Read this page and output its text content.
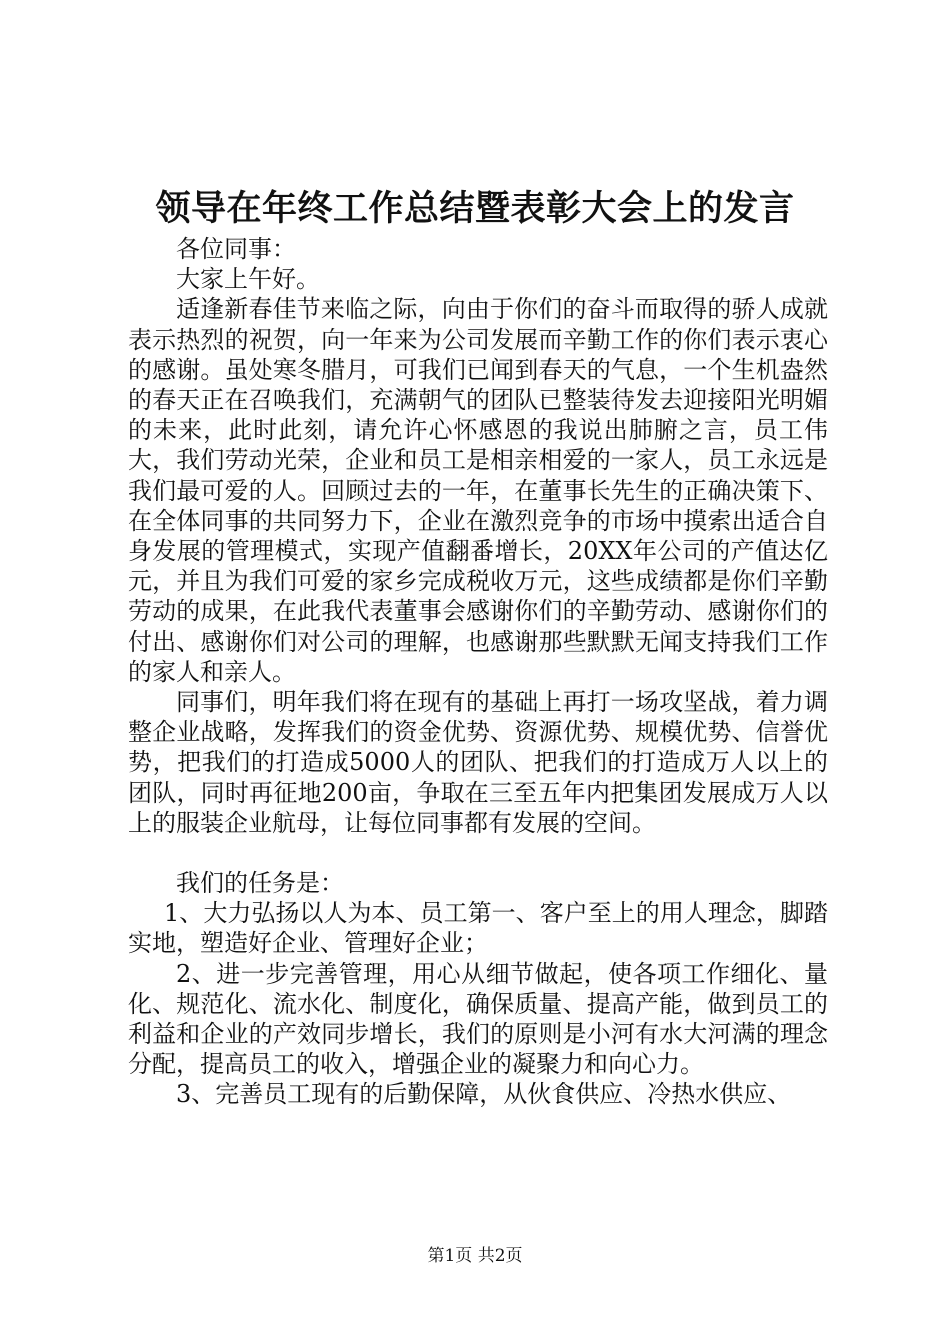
领导在年终工作总结暨表彰大会上的发言

各位同事：

大家上午好。

适逢新春佳节来临之际，向由于你们的奋斗而取得的骄人成就表示热烈的祝贺，向一年来为公司发展而辛勤工作的你们表示衷心的感谢。虽处寒冬腊月，可我们已闻到春天的气息，一个生机盎然的春天正在召唤我们，充满朝气的团队已整装待发去迎接阳光明媚的未来，此时此刻，请允许心怀感恩的我说出肺腑之言，员工伟大，我们劳动光荣，企业和员工是相亲相爱的一家人，员工永远是我们最可爱的人。回顾过去的一年，在董事长先生的正确决策下、在全体同事的共同努力下，企业在激烈竞争的市场中摸索出适合自身发展的管理模式，实现产值翻番增长，20XX年公司的产值达亿元，并且为我们可爱的家乡完成税收万元，这些成绩都是你们辛勤劳动的成果，在此我代表董事会感谢你们的辛勤劳动、感谢你们的付出、感谢你们对公司的理解，也感谢那些默默无闻支持我们工作的家人和亲人。

同事们，明年我们将在现有的基础上再打一场攻坚战，着力调整企业战略，发挥我们的资金优势、资源优势、规模优势、信誉优势，把我们的打造成5000人的团队、把我们的打造成万人以上的团队，同时再征地200亩，争取在三至五年内把集团发展成万人以上的服装企业航母，让每位同事都有发展的空间。

我们的任务是：

1、大力弘扬以人为本、员工第一、客户至上的用人理念，脚踏实地，塑造好企业、管理好企业；

2、进一步完善管理，用心从细节做起，使各项工作细化、量化、规范化、流水化、制度化，确保质量、提高产能，做到员工的利益和企业的产效同步增长，我们的原则是小河有水大河满的理念分配，提高员工的收入，增强企业的凝聚力和向心力。

3、完善员工现有的后勤保障，从伙食供应、冷热水供应、

第1页 共2页
